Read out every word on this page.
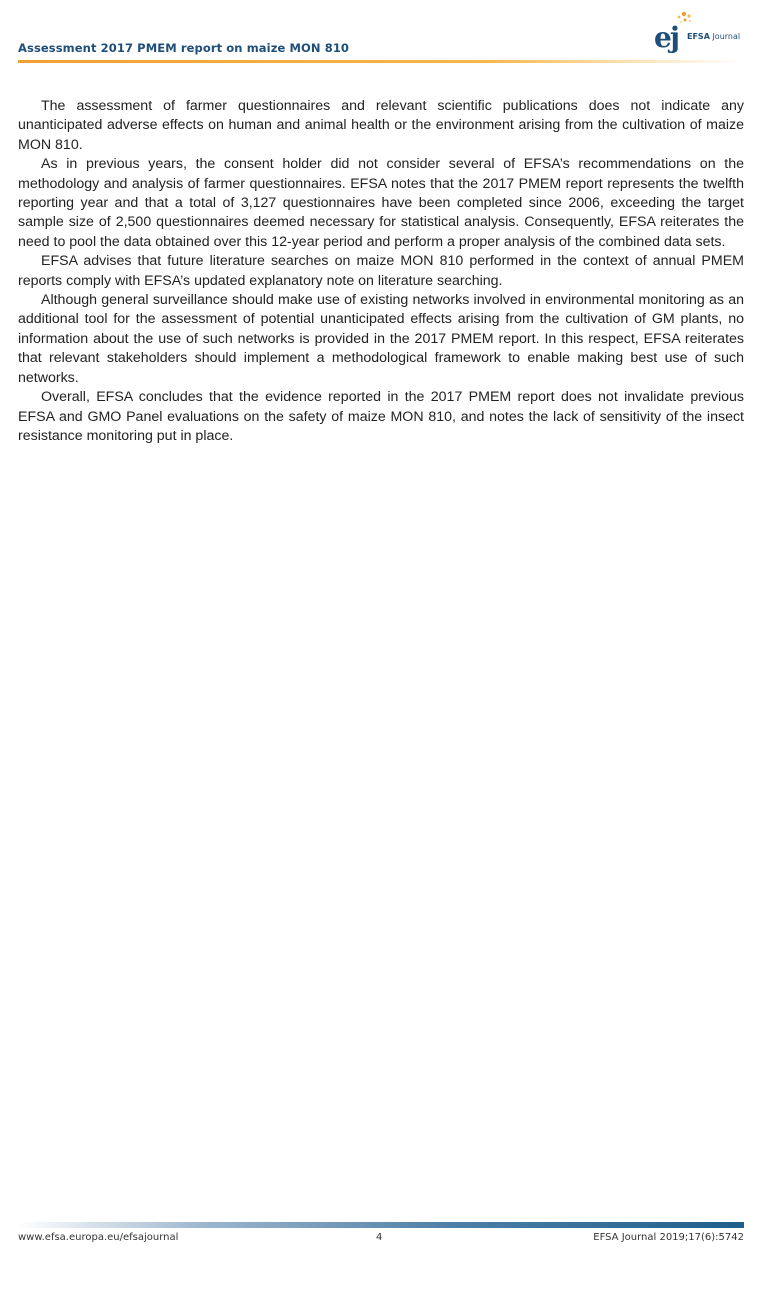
Assessment 2017 PMEM report on maize MON 810	ej EFSA Journal

The assessment of farmer questionnaires and relevant scientific publications does not indicate any unanticipated adverse effects on human and animal health or the environment arising from the cultivation of maize MON 810.

As in previous years, the consent holder did not consider several of EFSA’s recommendations on the methodology and analysis of farmer questionnaires. EFSA notes that the 2017 PMEM report represents the twelfth reporting year and that a total of 3,127 questionnaires have been completed since 2006, exceeding the target sample size of 2,500 questionnaires deemed necessary for statistical analysis. Consequently, EFSA reiterates the need to pool the data obtained over this 12-year period and perform a proper analysis of the combined data sets.

EFSA advises that future literature searches on maize MON 810 performed in the context of annual PMEM reports comply with EFSA’s updated explanatory note on literature searching.

Although general surveillance should make use of existing networks involved in environmental monitoring as an additional tool for the assessment of potential unanticipated effects arising from the cultivation of GM plants, no information about the use of such networks is provided in the 2017 PMEM report. In this respect, EFSA reiterates that relevant stakeholders should implement a methodological framework to enable making best use of such networks.

Overall, EFSA concludes that the evidence reported in the 2017 PMEM report does not invalidate previous EFSA and GMO Panel evaluations on the safety of maize MON 810, and notes the lack of sensitivity of the insect resistance monitoring put in place.

www.efsa.europa.eu/efsajournal	4	EFSA Journal 2019;17(6):5742
